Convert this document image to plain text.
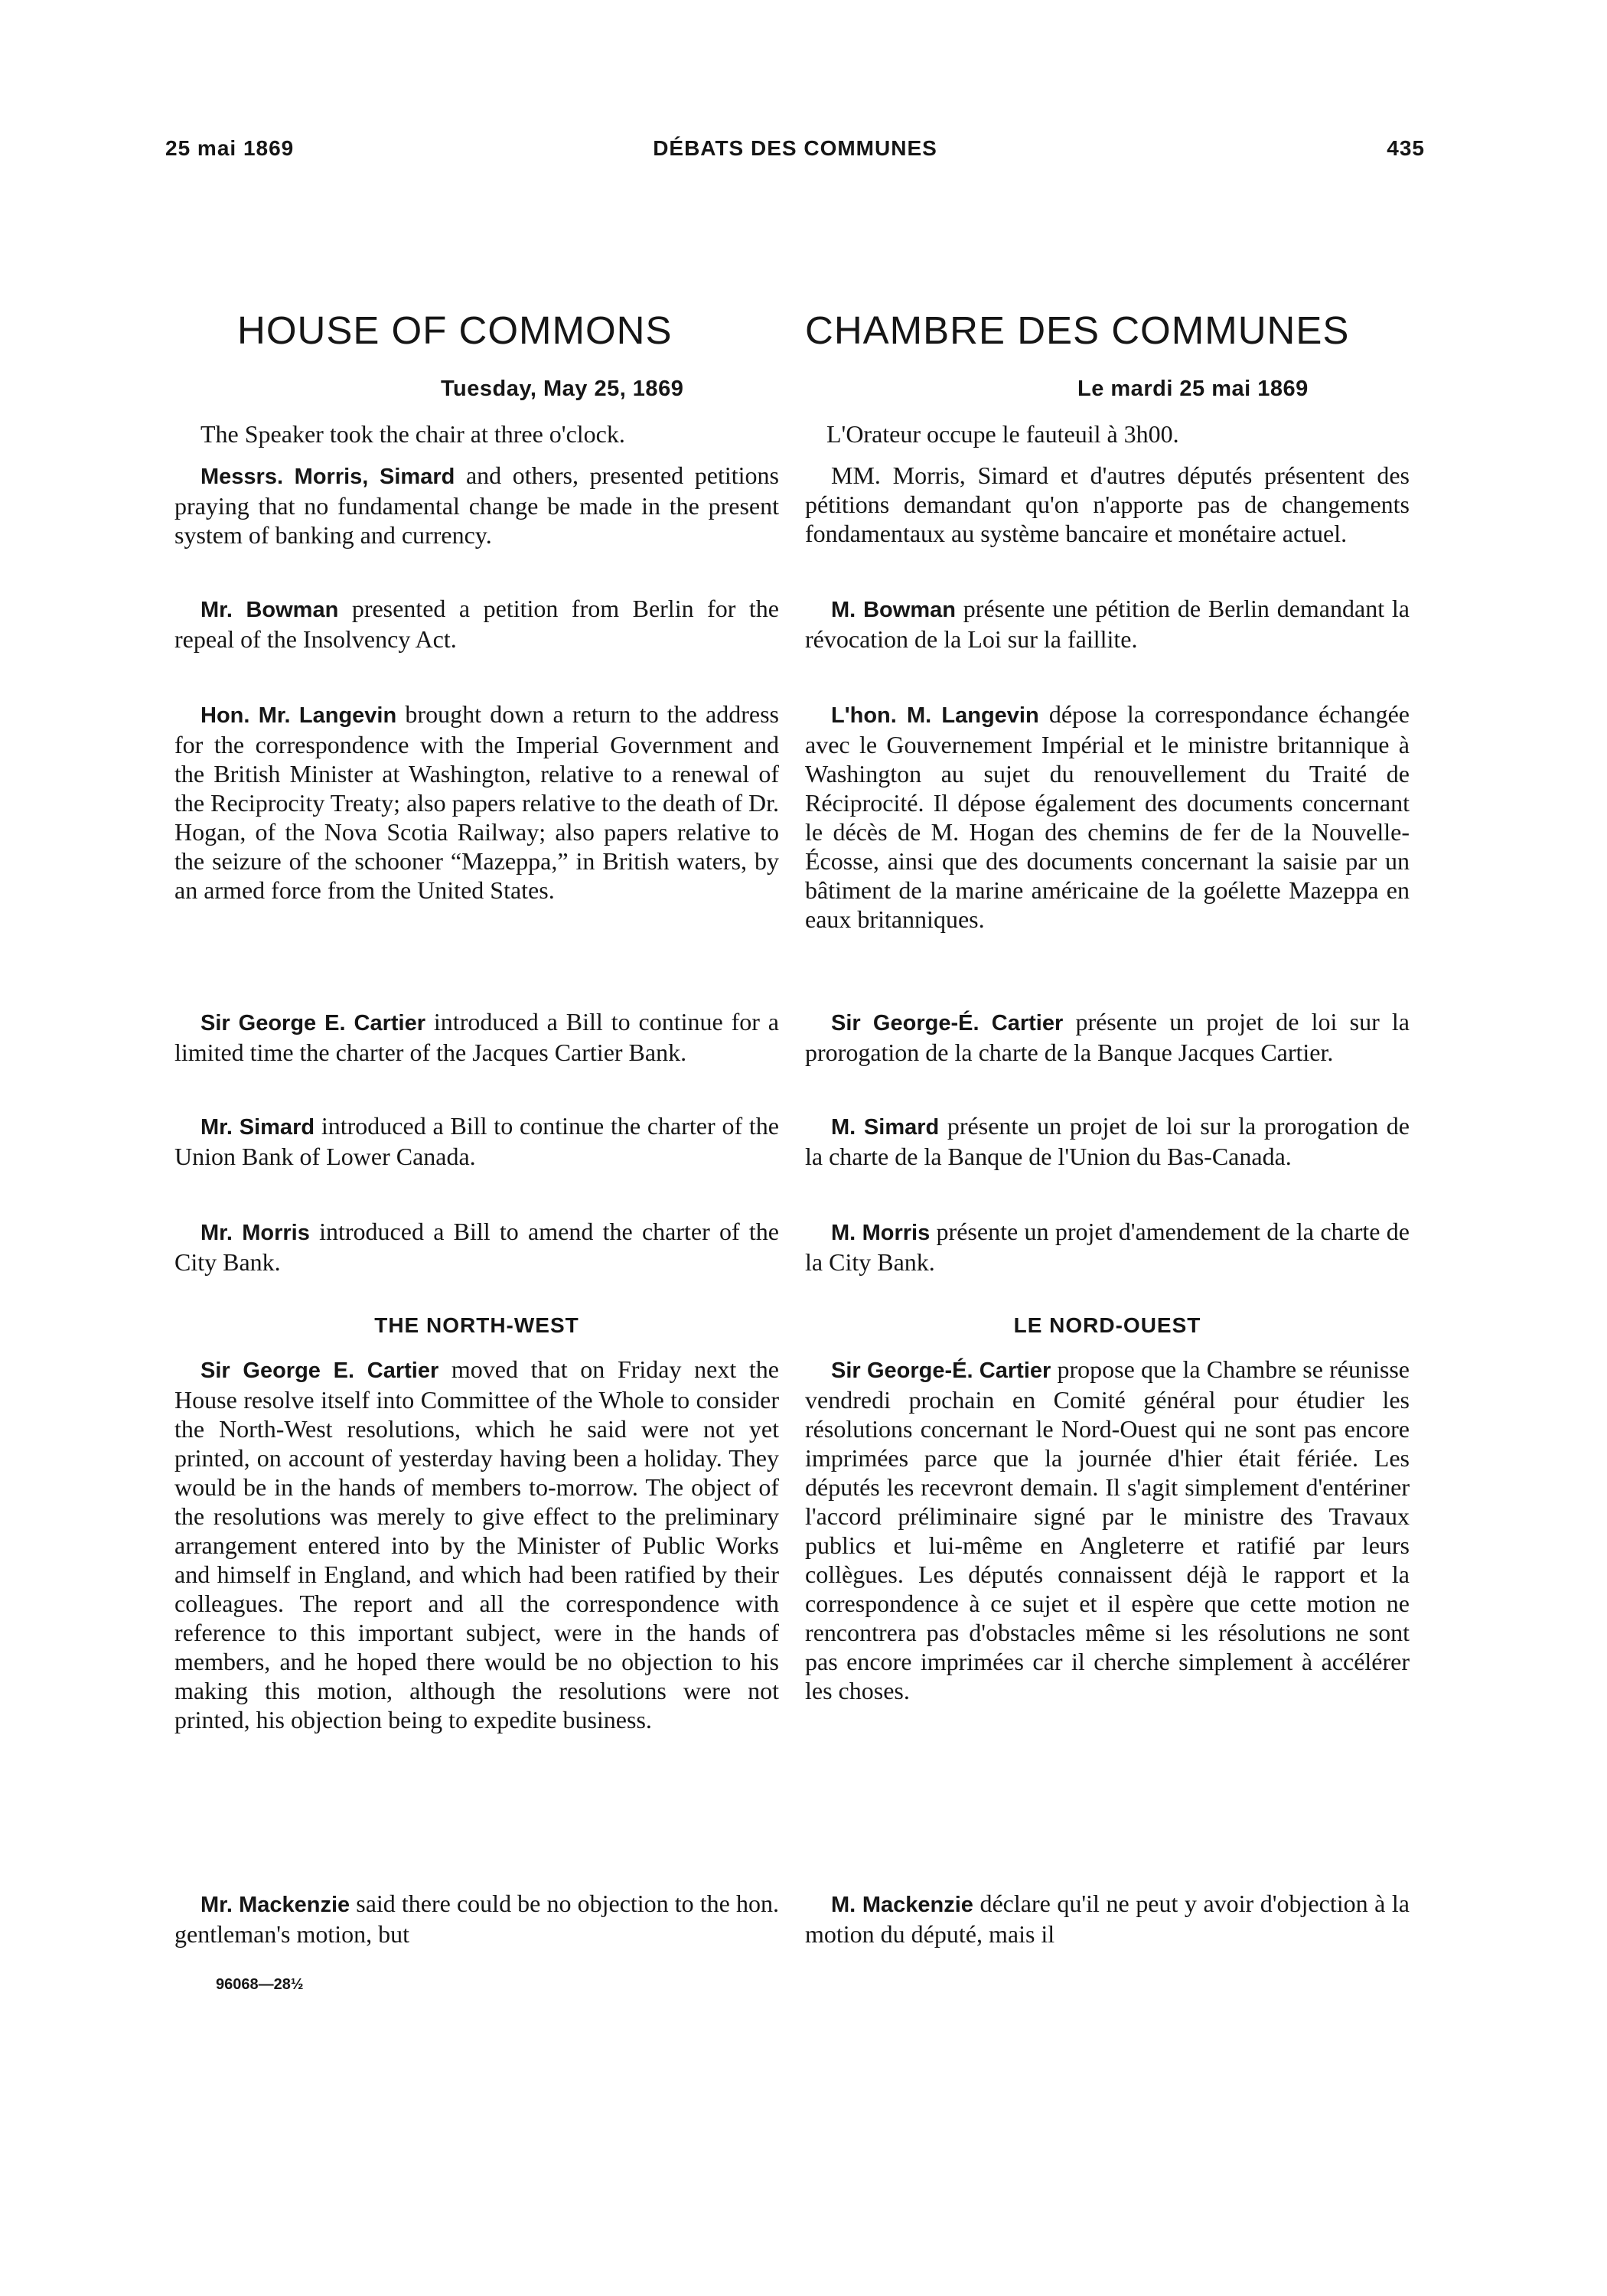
25 mai 1869	DÉBATS DES COMMUNES	435
HOUSE OF COMMONS
Tuesday, May 25, 1869

The Speaker took the chair at three o'clock.

Messrs. Morris, Simard and others, presented petitions praying that no fundamental change be made in the present system of banking and currency.

Mr. Bowman presented a petition from Berlin for the repeal of the Insolvency Act.

Hon. Mr. Langevin brought down a return to the address for the correspondence with the Imperial Government and the British Minister at Washington, relative to a renewal of the Reciprocity Treaty; also papers relative to the death of Dr. Hogan, of the Nova Scotia Railway; also papers relative to the seizure of the schooner “Mazeppa,” in British waters, by an armed force from the United States.

Sir George E. Cartier introduced a Bill to continue for a limited time the charter of the Jacques Cartier Bank.

Mr. Simard introduced a Bill to continue the charter of the Union Bank of Lower Canada.

Mr. Morris introduced a Bill to amend the charter of the City Bank.

THE NORTH-WEST

Sir George E. Cartier moved that on Friday next the House resolve itself into Committee of the Whole to consider the North-West resolutions, which he said were not yet printed, on account of yesterday having been a holiday. They would be in the hands of members to-morrow. The object of the resolutions was merely to give effect to the preliminary arrangement entered into by the Minister of Public Works and himself in England, and which had been ratified by their colleagues. The report and all the correspondence with reference to this important subject, were in the hands of members, and he hoped there would be no objection to his making this motion, although the resolutions were not printed, his objection being to expedite business.

Mr. Mackenzie said there could be no objection to the hon. gentleman's motion, but

CHAMBRE DES COMMUNES
Le mardi 25 mai 1869

L'Orateur occupe le fauteuil à 3h00.

MM. Morris, Simard et d'autres députés présentent des pétitions demandant qu'on n'apporte pas de changements fondamentaux au système bancaire et monétaire actuel.

M. Bowman présente une pétition de Berlin demandant la révocation de la Loi sur la faillite.

L'hon. M. Langevin dépose la correspondance échangée avec le Gouvernement Impérial et le ministre britannique à Washington au sujet du renouvellement du Traité de Réciprocité. Il dépose également des documents concernant le décès de M. Hogan des chemins de fer de la Nouvelle-Écosse, ainsi que des documents concernant la saisie par un bâtiment de la marine américaine de la goélette Mazeppa en eaux britanniques.

Sir George-É. Cartier présente un projet de loi sur la prorogation de la charte de la Banque Jacques Cartier.

M. Simard présente un projet de loi sur la prorogation de la charte de la Banque de l'Union du Bas-Canada.

M. Morris présente un projet d'amendement de la charte de la City Bank.

LE NORD-OUEST

Sir George-É. Cartier propose que la Chambre se réunisse vendredi prochain en Comité général pour étudier les résolutions concernant le Nord-Ouest qui ne sont pas encore imprimées parce que la journée d'hier était fériée. Les députés les recevront demain. Il s'agit simplement d'entériner l'accord préliminaire signé par le ministre des Travaux publics et lui-même en Angleterre et ratifié par leurs collègues. Les députés connaissent déjà le rapport et la correspondence à ce sujet et il espère que cette motion ne rencontrera pas d'obstacles même si les résolutions ne sont pas encore imprimées car il cherche simplement à accélérer les choses.

M. Mackenzie déclare qu'il ne peut y avoir d'objection à la motion du député, mais il

96068—28½
